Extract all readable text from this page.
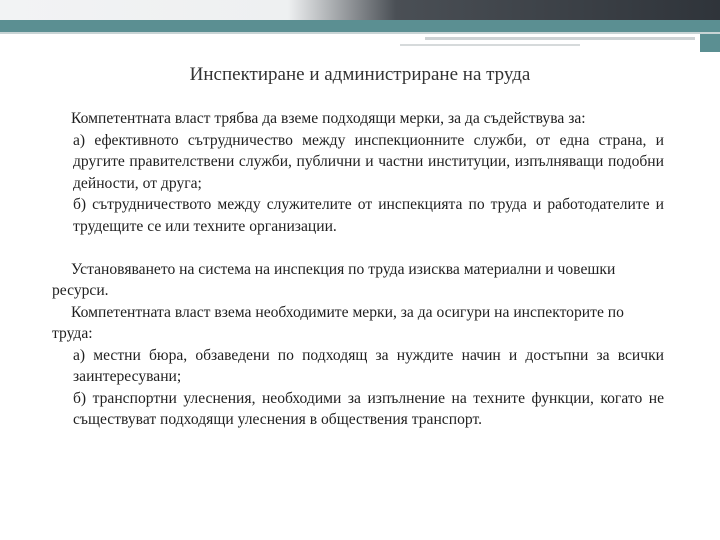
Инспектиране и администриране на труда

Компетентната власт трябва да вземе подходящи мерки, за да съдействува за:

а) ефективното сътрудничество между инспекционните служби, от една страна, и другите правителствени служби, публични и частни институции, изпълняващи подобни дейности, от друга;

б) сътрудничеството между служителите от инспекцията по труда и работодателите и трудещите се или техните организации.

Установяването на система на инспекция по труда изисква материални и човешки ресурси.

Компетентната власт взема необходимите мерки, за да осигури на инспекторите по труда:

а) местни бюра, обзаведени по подходящ за нуждите начин и достъпни за всички заинтересувани;

б) транспортни улеснения, необходими за изпълнение на техните функции, когато не съществуват подходящи улеснения в обществения транспорт.
